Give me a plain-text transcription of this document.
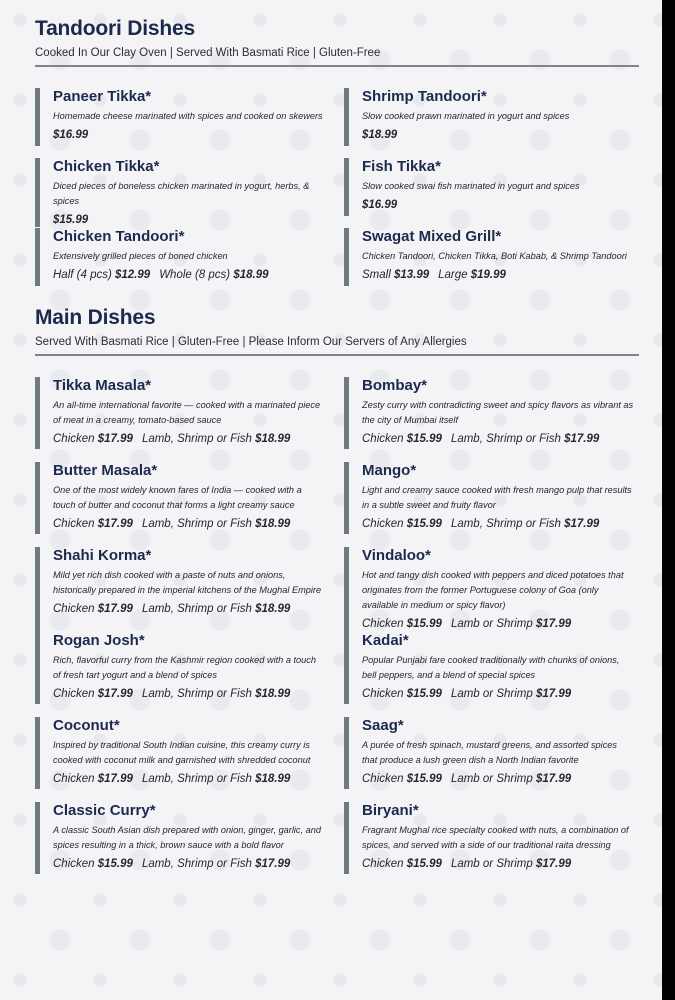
Tandoori Dishes
Cooked In Our Clay Oven | Served With Basmati Rice | Gluten-Free
Paneer Tikka*
Homemade cheese marinated with spices and cooked on skewers
$16.99
Shrimp Tandoori*
Slow cooked prawn marinated in yogurt and spices
$18.99
Chicken Tikka*
Diced pieces of boneless chicken marinated in yogurt, herbs, & spices
$15.99
Fish Tikka*
Slow cooked swai fish marinated in yogurt and spices
$16.99
Chicken Tandoori*
Extensively grilled pieces of boned chicken
Half (4 pcs) $12.99 Whole (8 pcs) $18.99
Swagat Mixed Grill*
Chicken Tandoori, Chicken Tikka, Boti Kabab, & Shrimp Tandoori
Small $13.99 Large $19.99
Main Dishes
Served With Basmati Rice | Gluten-Free | Please Inform Our Servers of Any Allergies
Tikka Masala*
An all-time international favorite — cooked with a marinated piece of meat in a creamy, tomato-based sauce
Chicken $17.99 Lamb, Shrimp or Fish $18.99
Bombay*
Zesty curry with contradicting sweet and spicy flavors as vibrant as the city of Mumbai itself
Chicken $15.99 Lamb, Shrimp or Fish $17.99
Butter Masala*
One of the most widely known fares of India — cooked with a touch of butter and coconut that forms a light creamy sauce
Chicken $17.99 Lamb, Shrimp or Fish $18.99
Mango*
Light and creamy sauce cooked with fresh mango pulp that results in a subtle sweet and fruity flavor
Chicken $15.99 Lamb, Shrimp or Fish $17.99
Shahi Korma*
Mild yet rich dish cooked with a paste of nuts and onions, historically prepared in the imperial kitchens of the Mughal Empire
Chicken $17.99 Lamb, Shrimp or Fish $18.99
Vindaloo*
Hot and tangy dish cooked with peppers and diced potatoes that originates from the former Portuguese colony of Goa (only available in medium or spicy flavor)
Chicken $15.99 Lamb or Shrimp $17.99
Rogan Josh*
Rich, flavorful curry from the Kashmir region cooked with a touch of fresh tart yogurt and a blend of spices
Chicken $17.99 Lamb, Shrimp or Fish $18.99
Kadai*
Popular Punjabi fare cooked traditionally with chunks of onions, bell peppers, and a blend of special spices
Chicken $15.99 Lamb or Shrimp $17.99
Coconut*
Inspired by traditional South Indian cuisine, this creamy curry is cooked with coconut milk and garnished with shredded coconut
Chicken $17.99 Lamb, Shrimp or Fish $18.99
Saag*
A purée of fresh spinach, mustard greens, and assorted spices that produce a lush green dish a North Indian favorite
Chicken $15.99 Lamb or Shrimp $17.99
Classic Curry*
A classic South Asian dish prepared with onion, ginger, garlic, and spices resulting in a thick, brown sauce with a bold flavor
Chicken $15.99 Lamb, Shrimp or Fish $17.99
Biryani*
Fragrant Mughal rice specialty cooked with nuts, a combination of spices, and served with a side of our traditional raita dressing
Chicken $15.99 Lamb or Shrimp $17.99
